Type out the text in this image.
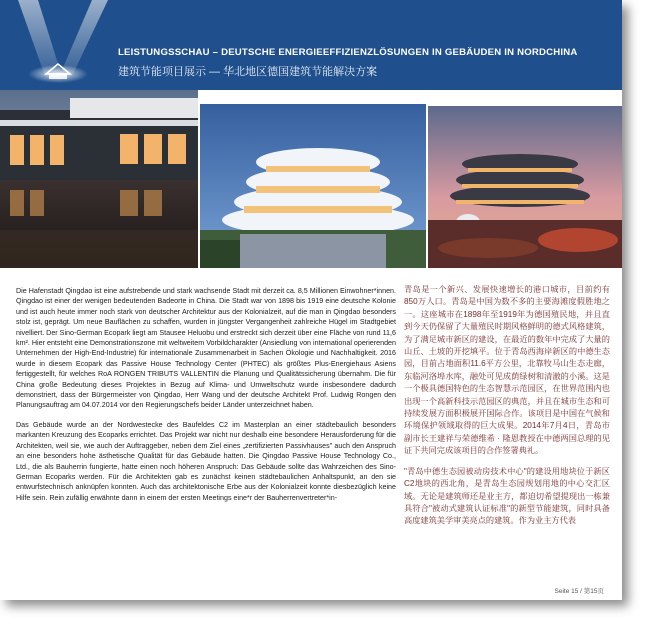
LEISTUNGSSCHAU – DEUTSCHE ENERGIEEFFIZIENZLÖSUNGEN IN GEBÄUDEN IN NORDCHINA
建筑节能项目展示 — 华北地区德国建筑节能解决方案

Die Hafenstadt Qingdao ist eine aufstrebende und stark wachsende Stadt mit derzeit ca. 8,5 Millionen Einwohner*innen. Qingdao ist einer der wenigen bedeutenden Badeorte in China. Die Stadt war von 1898 bis 1919 eine deutsche Kolonie und ist auch heute immer noch stark von deutscher Architektur aus der Kolonialzeit, auf die man in Qingdao besonders stolz ist, geprägt. Um neue Bauflächen zu schaffen, wurden in jüngster Vergangenheit zahlreiche Hügel im Stadtgebiet nivelliert. Der Sino-German Ecopark liegt am Stausee Heluobu und erstreckt sich derzeit über eine Fläche von rund 11,6 km². Hier entsteht eine Demonstrationszone mit weltweitem Vorbildcharakter (Ansiedlung von international operierenden Unternehmen der High-End-Industrie) für internationale Zusammenarbeit in Sachen Ökologie und Nachhaltigkeit. 2016 wurde in diesem Ecopark das Passive House Technology Center (PHTEC) als größtes Plus-Energiehaus Asiens fertiggestellt, für welches RoA RONGEN TRIBUTS VALLENTIN die Planung und Qualitätssicherung übernahm. Die für China große Bedeutung dieses Projektes in Bezug auf Klima- und Umweltschutz wurde insbesondere dadurch demonstriert, dass der Bürgermeister von Qingdao, Herr Wang und der deutsche Architekt Prof. Ludwig Rongen den Planungsauftrag am 04.07.2014 vor den Regierungschefs beider Länder unterzeichnet haben.

Das Gebäude wurde an der Nordwestecke des Baufeldes C2 im Masterplan an einer städtebaulich besonders markanten Kreuzung des Ecoparks errichtet. Das Projekt war nicht nur deshalb eine besondere Herausforderung für die Architekten, weil sie, wie auch der Auftraggeber, neben dem Ziel eines „zertifizierten Passivhauses" auch den Anspruch an eine besonders hohe ästhetische Qualität für das Gebäude hatten. Die Qingdao Passive House Technology Co., Ltd., die als Bauherrin fungierte, hatte einen noch höheren Anspruch: Das Gebäude sollte das Wahrzeichen des Sino-German Ecoparks werden. Für die Architekten gab es zunächst keinen städtebaulichen Anhaltspunkt, an den sie entwurfstechnisch anknüpfen konnten. Auch das architektonische Erbe aus der Kolonialzeit konnte diesbezüglich keine Hilfe sein. Rein zufällig erwähnte dann in einem der ersten Meetings eine*r der Bauherrenvertreter*in-

青岛是一个新兴、发展快速增长的港口城市，目前约有850万人口。青岛是中国为数不多的主要海滩度假胜地之一。这座城市在1898年至1919年为德国殖民地，并且直到今天仍保留了大量殖民时期风格鲜明的德式风格建筑，为了满足城市新区的建设，在最近的数年中完成了大量的山丘、土坡的开挖填平。位于青岛西海岸新区的中德生态园，目前占地面积11.6平方公里，北靠牧马山生态走廊，东临河洛埠水库，融处可见成荫绿树和清澈的小溪。这是一个极具德国特色的生态智慧示范园区，在世界范围内也出现一个高新科技示范园区的典范，并且在城市生态和可持续发展方面积极展开国际合作。该项目是中国在气候和环境保护领域取得的巨大成果。2014年7月4日，青岛市副市长王建祥与荣德维希 · 隆恩教授在中德两国总理的见证下共同完成该项目的合作签署典礼。

"青岛中德生态园被动房技术中心"的建设用地块位于新区C2地块的西北角，是青岛生态园规划用地的中心交汇区域。无论是建筑师还是业主方，都迫切希望提现出一栋兼具符合"被动式建筑认证标准"的新型节能建筑，同时具备高度建筑美学审美亮点的建筑。作为业主方代表

Seite 15 / 第15页
